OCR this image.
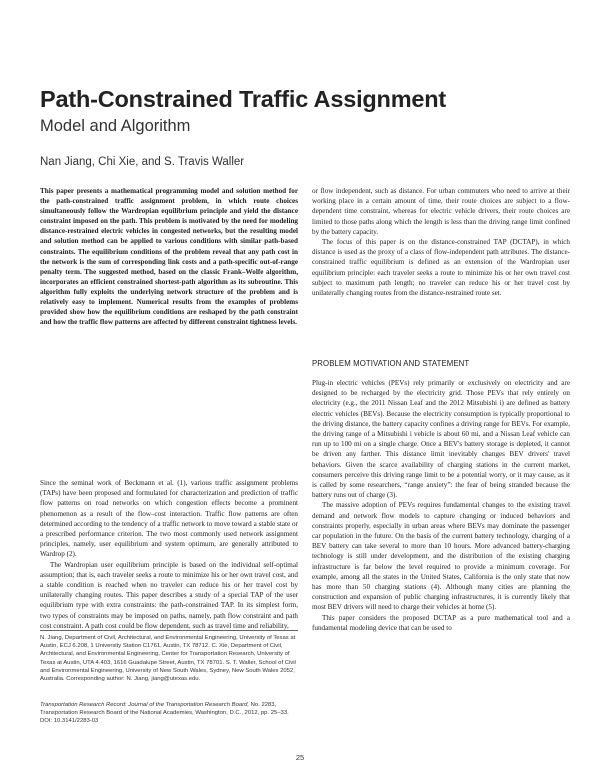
Path-Constrained Traffic Assignment
Model and Algorithm
Nan Jiang, Chi Xie, and S. Travis Waller

This paper presents a mathematical programming model and solution method for the path-constrained traffic assignment problem, in which route choices simultaneously follow the Wardropian equilibrium principle and yield the distance constraint imposed on the path. This problem is motivated by the need for modeling distance-restrained electric vehicles in congested networks, but the resulting model and solution method can be applied to various conditions with similar path-based constraints. The equilibrium conditions of the problem reveal that any path cost in the network is the sum of corresponding link costs and a path-specific out-of-range penalty term. The suggested method, based on the classic Frank–Wolfe algorithm, incorporates an efficient constrained shortest-path algorithm as its subroutine. This algorithm fully exploits the underlying network structure of the problem and is relatively easy to implement. Numerical results from the examples of problems provided show how the equilibrium conditions are reshaped by the path constraint and how the traffic flow patterns are affected by different constraint tightness levels.

Since the seminal work of Beckmann et al. (1), various traffic assignment problems (TAPs) have been proposed and formulated for characterization and prediction of traffic flow patterns on road networks on which congestion effects become a prominent phenomenon as a result of the flow–cost interaction. Traffic flow patterns are often determined according to the tendency of a traffic network to move toward a stable state or a prescribed performance criterion. The two most commonly used network assignment principles, namely, user equilibrium and system optimum, are generally attributed to Wardrop (2).

The Wardropian user equilibrium principle is based on the individual self-optimal assumption; that is, each traveler seeks a route to minimize his or her own travel cost, and a stable condition is reached when no traveler can reduce his or her travel cost by unilaterally changing routes. This paper describes a study of a special TAP of the user equilibrium type with extra constraints: the path-constrained TAP. In its simplest form, two types of constraints may be imposed on paths, namely, path flow constraint and path cost constraint. A path cost could be flow dependent, such as travel time and reliability,

N. Jiang, Department of Civil, Architectural, and Environmental Engineering, University of Texas at Austin, ECJ 6.208, 1 University Station C1761, Austin, TX 78712. C. Xie, Department of Civil, Architectural, and Environmental Engineering, Center for Transportation Research, University of Texas at Austin, UTA 4.403, 1616 Guadalupe Street, Austin, TX 78701. S. T. Waller, School of Civil and Environmental Engineering, University of New South Wales, Sydney, New South Wales 2052, Australia. Corresponding author: N. Jiang, jiang@utexas.edu.

Transportation Research Record: Journal of the Transportation Research Board, No. 2283, Transportation Research Board of the National Academies, Washington, D.C., 2012, pp. 25–33.

DOI: 10.3141/2283-03

or flow independent, such as distance. For urban commuters who need to arrive at their working place in a certain amount of time, their route choices are subject to a flow-dependent time constraint, whereas for electric vehicle drivers, their route choices are limited to those paths along which the length is less than the driving range limit confined by the battery capacity.

The focus of this paper is on the distance-constrained TAP (DCTAP), in which distance is used as the proxy of a class of flow-independent path attributes. The distance-constrained traffic equilibrium is defined as an extension of the Wardropian user equilibrium principle: each traveler seeks a route to minimize his or her own travel cost subject to maximum path length; no traveler can reduce his or her travel cost by unilaterally changing routes from the distance-restrained route set.

PROBLEM MOTIVATION AND STATEMENT

Plug-in electric vehicles (PEVs) rely primarily or exclusively on electricity and are designed to be recharged by the electricity grid. Those PEVs that rely entirely on electricity (e.g., the 2011 Nissan Leaf and the 2012 Mitsubishi i) are defined as battery electric vehicles (BEVs). Because the electricity consumption is typically proportional to the driving distance, the battery capacity confines a driving range for BEVs. For example, the driving range of a Mitsubishi i vehicle is about 60 mi, and a Nissan Leaf vehicle can run up to 100 mi on a single charge. Once a BEV's battery storage is depleted, it cannot be driven any farther. This distance limit inevitably changes BEV drivers' travel behaviors. Given the scarce availability of charging stations in the current market, consumers perceive this driving range limit to be a potential worry, or it may cause, as it is called by some researchers, “range anxiety”: the fear of being stranded because the battery runs out of charge (3).

The massive adoption of PEVs requires fundamental changes to the existing travel demand and network flow models to capture changing or induced behaviors and constraints properly, especially in urban areas where BEVs may dominate the passenger car population in the future. On the basis of the current battery technology, charging of a BEV battery can take several to more than 10 hours. More advanced battery-charging technology is still under development, and the distribution of the existing charging infrastructure is far below the level required to provide a minimum coverage. For example, among all the states in the United States, California is the only state that now has more than 50 charging stations (4). Although many cities are planning the construction and expansion of public charging infrastructures, it is currently likely that most BEV drivers will need to charge their vehicles at home (5).

This paper considers the proposed DCTAP as a pure mathematical tool and a fundamental modeling device that can be used to

25
